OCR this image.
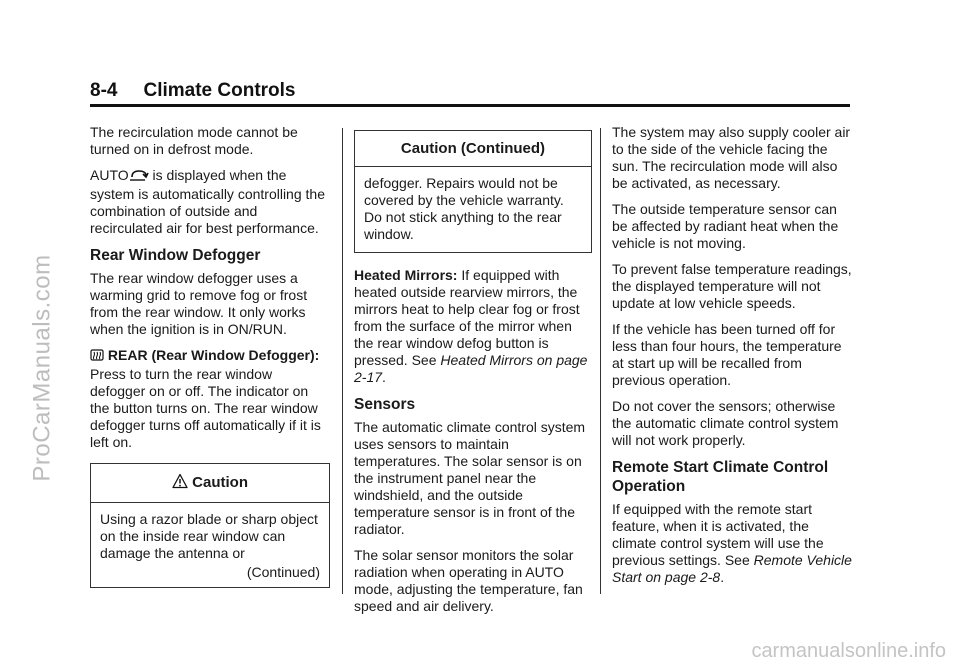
ProCarManuals.com
8-4 Climate Controls

The recirculation mode cannot be turned on in defrost mode.

AUTO is displayed when the system is automatically controlling the combination of outside and recirculated air for best performance.

Rear Window Defogger

The rear window defogger uses a warming grid to remove fog or frost from the rear window. It only works when the ignition is in ON/RUN.

REAR (Rear Window Defogger): Press to turn the rear window defogger on or off. The indicator on the button turns on. The rear window defogger turns off automatically if it is left on.

Caution

Using a razor blade or sharp object on the inside rear window can damage the antenna or

(Continued)
Caution (Continued)

defogger. Repairs would not be covered by the vehicle warranty. Do not stick anything to the rear window.

Heated Mirrors: If equipped with heated outside rearview mirrors, the mirrors heat to help clear fog or frost from the surface of the mirror when the rear window defog button is pressed. See Heated Mirrors on page 2-17.

Sensors

The automatic climate control system uses sensors to maintain temperatures. The solar sensor is on the instrument panel near the windshield, and the outside temperature sensor is in front of the radiator.

The solar sensor monitors the solar radiation when operating in AUTO mode, adjusting the temperature, fan speed and air delivery.

The system may also supply cooler air to the side of the vehicle facing the sun. The recirculation mode will also be activated, as necessary.

The outside temperature sensor can be affected by radiant heat when the vehicle is not moving.

To prevent false temperature readings, the displayed temperature will not update at low vehicle speeds.

If the vehicle has been turned off for less than four hours, the temperature at start up will be recalled from previous operation.

Do not cover the sensors; otherwise the automatic climate control system will not work properly.

Remote Start Climate Control Operation

If equipped with the remote start feature, when it is activated, the climate control system will use the previous settings. See Remote Vehicle Start on page 2-8.

carmanualsonline.info
